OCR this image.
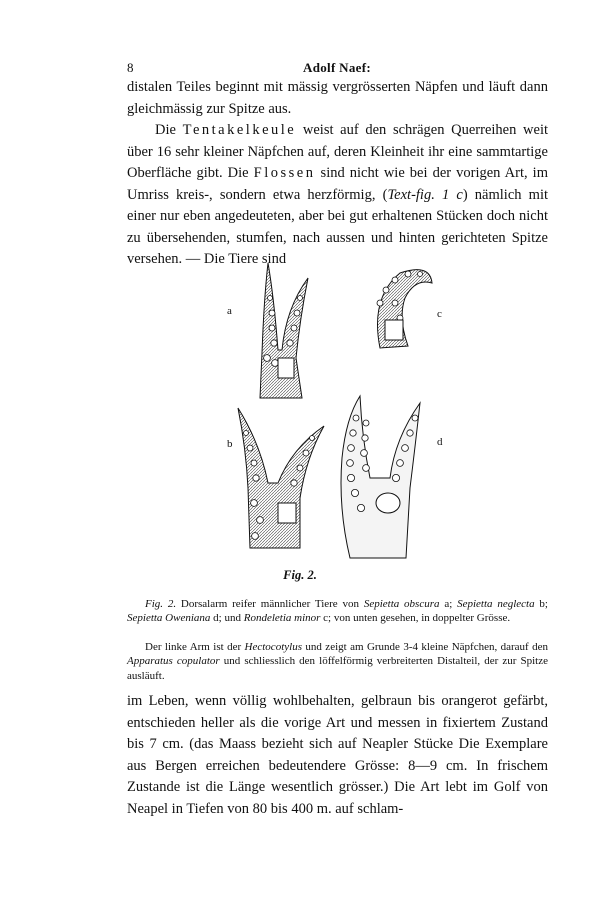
8	Adolf Naef:

distalen Teiles beginnt mit mässig vergrösserten Näpfen und läuft dann gleichmässig zur Spitze aus.

Die Tentakelkeule weist auf den schrägen Querreihen weit über 16 sehr kleiner Näpfchen auf, deren Kleinheit ihr eine sammtartige Oberfläche gibt. Die Flossen sind nicht wie bei der vorigen Art, im Umriss kreis-, sondern etwa herzförmig, (Text-fig. 1 c) nämlich mit einer nur eben angedeuteten, aber bei gut erhaltenen Stücken doch nicht zu übersehenden, stumfen, nach aussen und hinten gerichteten Spitze versehen. — Die Tiere sind

a	c
b	d
Fig. 2.

Fig. 2. Dorsalarm reifer männlicher Tiere von Sepietta obscura a; Sepietta neglecta b; Sepietta Oweniana d; und Rondeletia minor c; von unten gesehen, in doppelter Grösse.

Der linke Arm ist der Hectocotylus und zeigt am Grunde 3-4 kleine Näpfchen, darauf den Apparatus copulator und schliesslich den löffelförmig verbreiterten Distalteil, der zur Spitze ausläuft.

im Leben, wenn völlig wohlbehalten, gelbraun bis orangerot gefärbt, entschieden heller als die vorige Art und messen in fixiertem Zustand bis 7 cm. (das Maass bezieht sich auf Neapler Stücke Die Exemplare aus Bergen erreichen bedeutendere Grösse: 8—9 cm. In frischem Zustande ist die Länge wesentlich grösser.) Die Art lebt im Golf von Neapel in Tiefen von 80 bis 400 m. auf schlam-
